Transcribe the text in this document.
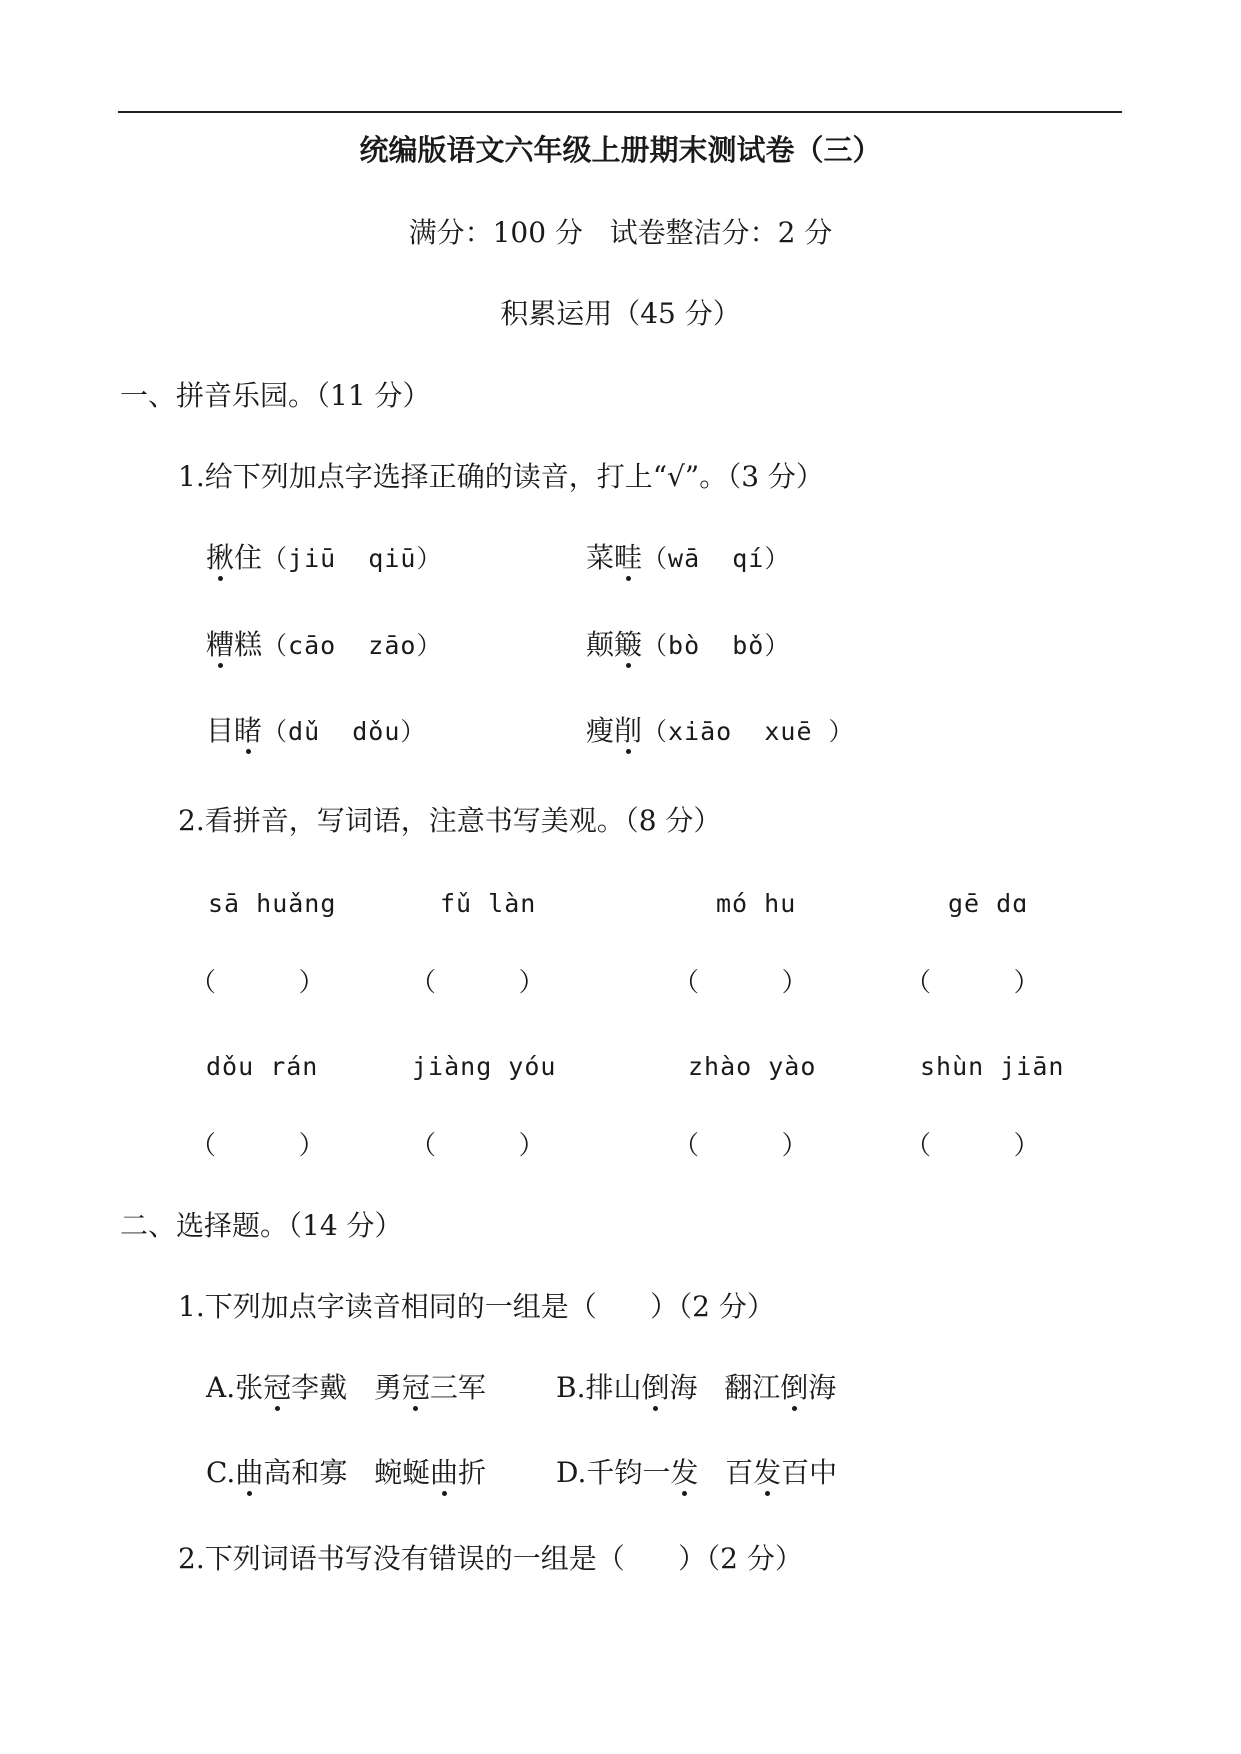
统编版语文六年级上册期末测试卷（三）
满分：100 分   试卷整洁分：2 分
积累运用（45 分）
一、拼音乐园。（11 分）
1.给下列加点字选择正确的读音，打上“√”。（3 分）
揪住（jiū  qiū）	菜畦（wā  qí）
糟糕（cāo  zāo）	颠簸（bò  bǒ）
目睹（dǔ  dǒu）	瘦削（xiāo  xuē ）
2.看拼音，写词语，注意书写美观。（8 分）
sā huǎng	fǔ làn	mó hu	gē dɑ
（          ）	（          ）	（          ）	（          ）
dǒu rán	jiàng yóu	zhào yào	shùn jiān
（          ）	（          ）	（          ）	（          ）
二、选择题。（14 分）
1.下列加点字读音相同的一组是（      ）（2 分）
A.张冠李戴 勇冠三军	B.排山倒海 翻江倒海
C.曲高和寡 蜿蜒曲折 D.千钧一发 百发百中
2.下列词语书写没有错误的一组是（      ）（2 分）
